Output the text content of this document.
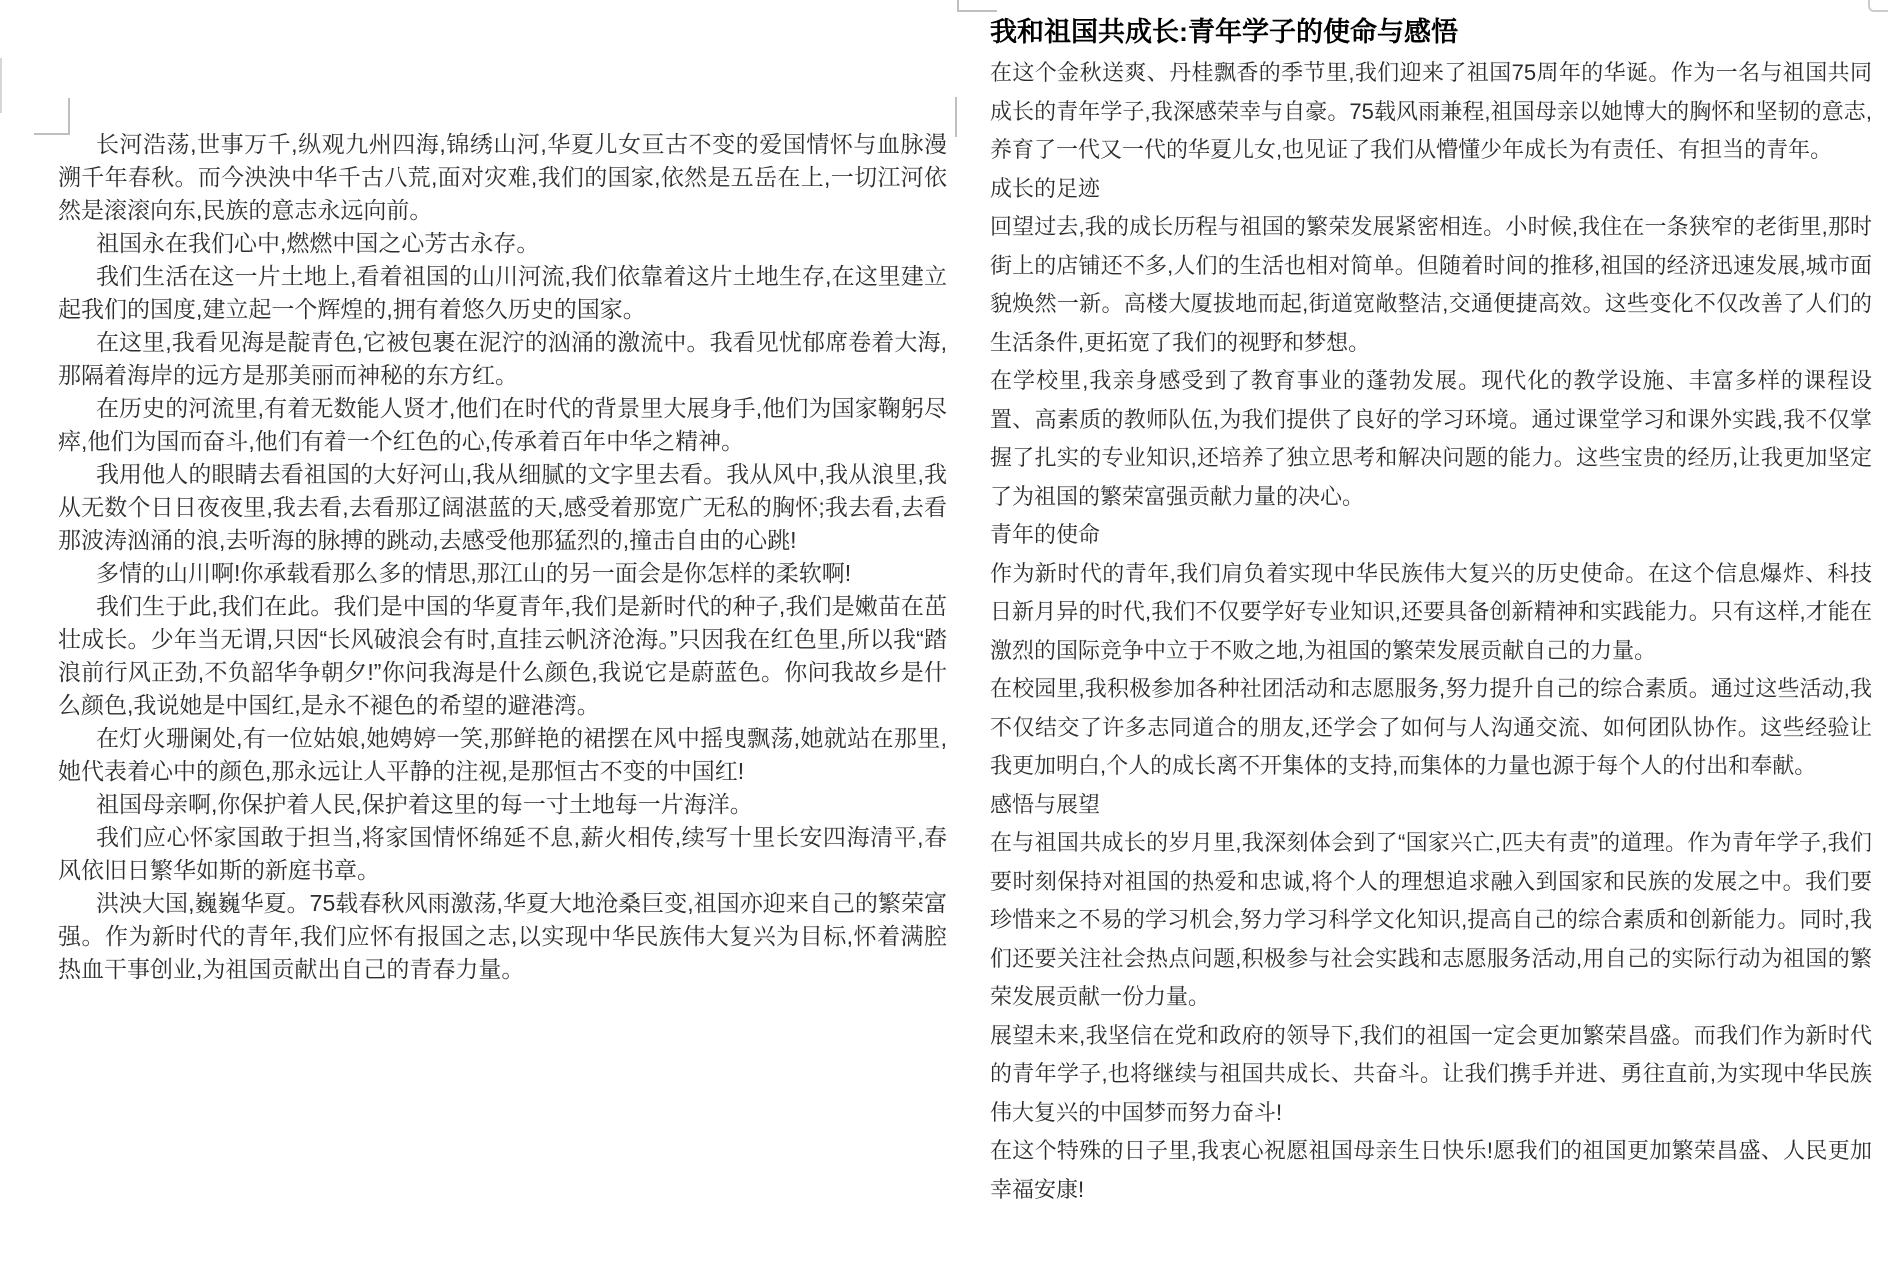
长河浩荡,世事万千,纵观九州四海,锦绣山河,华夏儿女亘古不变的爱国情怀与血脉漫溯千年春秋。而今泱泱中华千古八荒,面对灾难,我们的国家,依然是五岳在上,一切江河依然是滚滚向东,民族的意志永远向前。

祖国永在我们心中,燃燃中国之心芳古永存。

我们生活在这一片土地上,看着祖国的山川河流,我们依靠着这片土地生存,在这里建立起我们的国度,建立起一个辉煌的,拥有着悠久历史的国家。

在这里,我看见海是靛青色,它被包裹在泥泞的汹涌的激流中。我看见忧郁席卷着大海,那隔着海岸的远方是那美丽而神秘的东方红。

在历史的河流里,有着无数能人贤才,他们在时代的背景里大展身手,他们为国家鞠躬尽瘁,他们为国而奋斗,他们有着一个红色的心,传承着百年中华之精神。

我用他人的眼睛去看祖国的大好河山,我从细腻的文字里去看。我从风中,我从浪里,我从无数个日日夜夜里,我去看,去看那辽阔湛蓝的天,感受着那宽广无私的胸怀;我去看,去看那波涛汹涌的浪,去听海的脉搏的跳动,去感受他那猛烈的,撞击自由的心跳!

多情的山川啊!你承载看那么多的情思,那江山的另一面会是你怎样的柔软啊!

我们生于此,我们在此。我们是中国的华夏青年,我们是新时代的种子,我们是嫩苗在茁壮成长。少年当无谓,只因“长风破浪会有时,直挂云帆济沧海。”只因我在红色里,所以我“踏浪前行风正劲,不负韶华争朝夕!”你问我海是什么颜色,我说它是蔚蓝色。你问我故乡是什么颜色,我说她是中国红,是永不褪色的希望的避港湾。

在灯火珊阑处,有一位姑娘,她娉婷一笑,那鲜艳的裙摆在风中摇曳飘荡,她就站在那里,她代表着心中的颜色,那永远让人平静的注视,是那恒古不变的中国红!

祖国母亲啊,你保护着人民,保护着这里的每一寸土地每一片海洋。

我们应心怀家国敢于担当,将家国情怀绵延不息,薪火相传,续写十里长安四海清平,春风依旧日繁华如斯的新庭书章。

洪泱大国,巍巍华夏。75载春秋风雨激荡,华夏大地沧桑巨变,祖国亦迎来自己的繁荣富强。作为新时代的青年,我们应怀有报国之志,以实现中华民族伟大复兴为目标,怀着满腔热血干事创业,为祖国贡献出自己的青春力量。

我和祖国共成长:青年学子的使命与感悟

在这个金秋送爽、丹桂飘香的季节里,我们迎来了祖国75周年的华诞。作为一名与祖国共同成长的青年学子,我深感荣幸与自豪。75载风雨兼程,祖国母亲以她博大的胸怀和坚韧的意志,养育了一代又一代的华夏儿女,也见证了我们从懵懂少年成长为有责任、有担当的青年。

成长的足迹

回望过去,我的成长历程与祖国的繁荣发展紧密相连。小时候,我住在一条狭窄的老街里,那时街上的店铺还不多,人们的生活也相对简单。但随着时间的推移,祖国的经济迅速发展,城市面貌焕然一新。高楼大厦拔地而起,街道宽敞整洁,交通便捷高效。这些变化不仅改善了人们的生活条件,更拓宽了我们的视野和梦想。

在学校里,我亲身感受到了教育事业的蓬勃发展。现代化的教学设施、丰富多样的课程设置、高素质的教师队伍,为我们提供了良好的学习环境。通过课堂学习和课外实践,我不仅掌握了扎实的专业知识,还培养了独立思考和解决问题的能力。这些宝贵的经历,让我更加坚定了为祖国的繁荣富强贡献力量的决心。

青年的使命

作为新时代的青年,我们肩负着实现中华民族伟大复兴的历史使命。在这个信息爆炸、科技日新月异的时代,我们不仅要学好专业知识,还要具备创新精神和实践能力。只有这样,才能在激烈的国际竞争中立于不败之地,为祖国的繁荣发展贡献自己的力量。

在校园里,我积极参加各种社团活动和志愿服务,努力提升自己的综合素质。通过这些活动,我不仅结交了许多志同道合的朋友,还学会了如何与人沟通交流、如何团队协作。这些经验让我更加明白,个人的成长离不开集体的支持,而集体的力量也源于每个人的付出和奉献。

感悟与展望

在与祖国共成长的岁月里,我深刻体会到了“国家兴亡,匹夫有责”的道理。作为青年学子,我们要时刻保持对祖国的热爱和忠诚,将个人的理想追求融入到国家和民族的发展之中。我们要珍惜来之不易的学习机会,努力学习科学文化知识,提高自己的综合素质和创新能力。同时,我们还要关注社会热点问题,积极参与社会实践和志愿服务活动,用自己的实际行动为祖国的繁荣发展贡献一份力量。

展望未来,我坚信在党和政府的领导下,我们的祖国一定会更加繁荣昌盛。而我们作为新时代的青年学子,也将继续与祖国共成长、共奋斗。让我们携手并进、勇往直前,为实现中华民族伟大复兴的中国梦而努力奋斗!

在这个特殊的日子里,我衷心祝愿祖国母亲生日快乐!愿我们的祖国更加繁荣昌盛、人民更加幸福安康!
